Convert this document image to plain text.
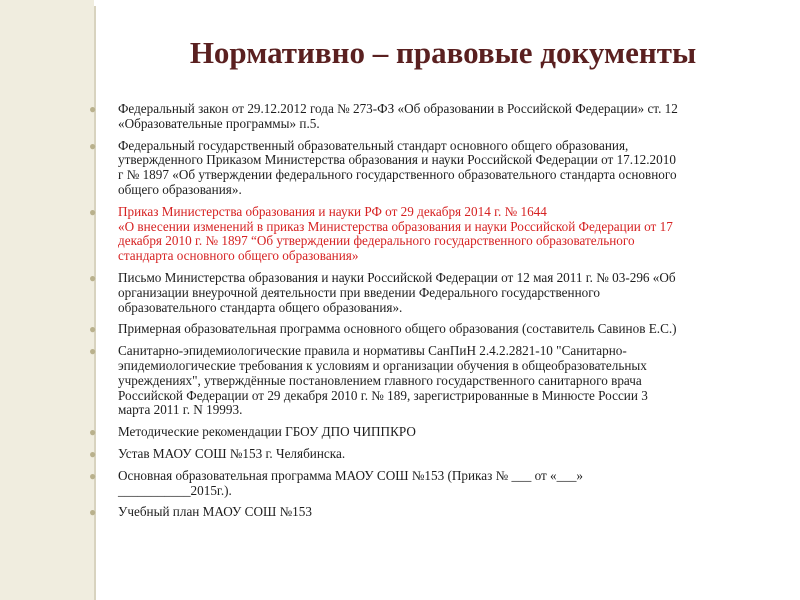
Нормативно – правовые документы
● Федеральный закон от 29.12.2012 года № 273-ФЗ «Об образовании в Российской Федерации» ст. 12
«Образовательные программы» п.5.
● Федеральный государственный образовательный стандарт основного общего образования,
утвержденного Приказом Министерства образования и науки Российской Федерации от 17.12.2010
г № 1897 «Об утверждении федерального государственного образовательного стандарта основного
общего образования».
● Приказ Министерства образования и науки РФ от 29 декабря 2014 г. № 1644
«О внесении изменений в приказ Министерства образования и науки Российской Федерации от 17
декабря 2010 г. № 1897 “Об утверждении федерального государственного образовательного
стандарта основного общего образования»
● Письмо Министерства образования и науки Российской Федерации от 12 мая 2011 г. № 03-296 «Об
организации внеурочной деятельности при введении Федерального государственного
образовательного стандарта общего образования».
● Примерная образовательная программа основного общего образования (составитель Савинов Е.С.)
● Санитарно-эпидемиологические правила и нормативы СанПиН 2.4.2.2821-10 "Санитарно-
эпидемиологические требования к условиям и организации обучения в общеобразовательных
учреждениях", утверждённые постановлением главного государственного санитарного врача
Российской Федерации от 29 декабря 2010 г. № 189, зарегистрированные в Минюсте России 3
марта 2011 г. N 19993.
● Методические рекомендации ГБОУ ДПО ЧИППКРО
● Устав МАОУ СОШ №153 г. Челябинска.
● Основная образовательная программа МАОУ СОШ №153 (Приказ № ___ от «___»
___________2015г.).
● Учебный план МАОУ СОШ №153
